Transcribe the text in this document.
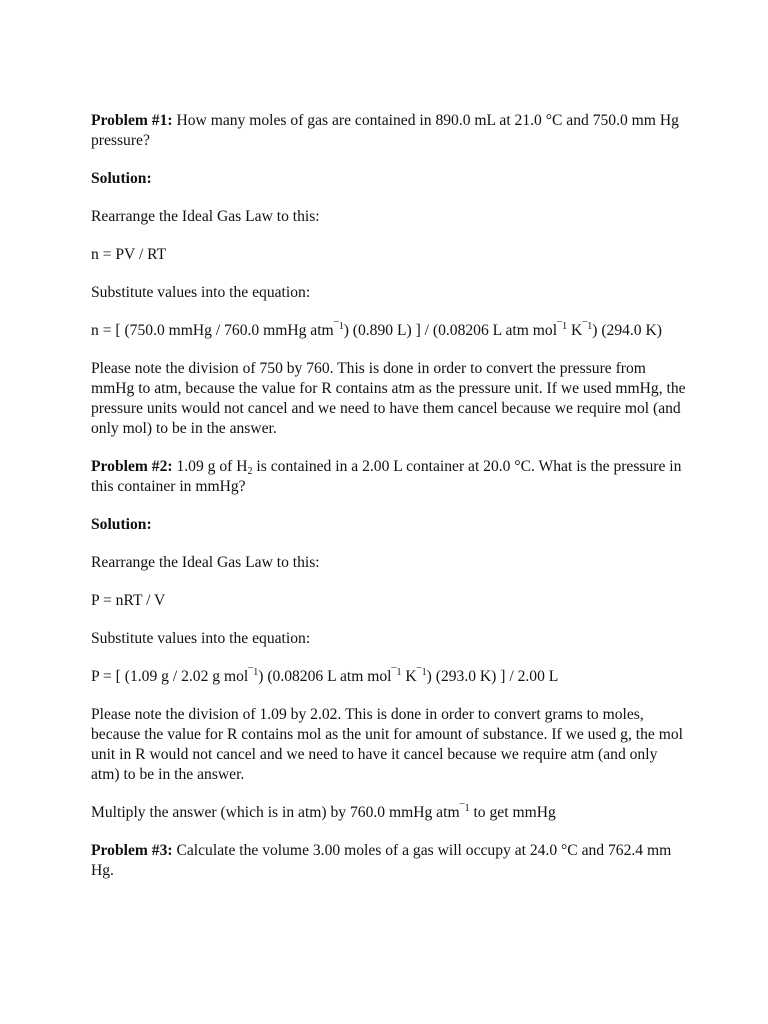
Problem #1: How many moles of gas are contained in 890.0 mL at 21.0 °C and 750.0 mm Hg pressure?

Solution:

Rearrange the Ideal Gas Law to this:

n = PV / RT

Substitute values into the equation:

n = [ (750.0 mmHg / 760.0 mmHg atm$^{¯1}$) (0.890 L) ] / (0.08206 L atm mol$^{¯1}$ $K^{¯1}$) (294.0 K)

Please note the division of 750 by 760. This is done in order to convert the pressure from mmHg to atm, because the value for R contains atm as the pressure unit. If we used mmHg, the pressure units would not cancel and we need to have them cancel because we require mol (and only mol) to be in the answer.

Problem #2: 1.09 g of $H_2$ is contained in a 2.00 L container at 20.0 °C. What is the pressure in this container in mmHg?

Solution:

Rearrange the Ideal Gas Law to this:

P = nRT / V

Substitute values into the equation:

P = [ (1.09 g / 2.02 g mol$^{¯1}$) (0.08206 L atm mol$^{¯1}$ $K^{¯1}$) (293.0 K) ] / 2.00 L

Please note the division of 1.09 by 2.02. This is done in order to convert grams to moles, because the value for R contains mol as the unit for amount of substance. If we used g, the mol unit in R would not cancel and we need to have it cancel because we require atm (and only atm) to be in the answer.

Multiply the answer (which is in atm) by 760.0 mmHg atm$^{¯1}$ to get mmHg

Problem #3: Calculate the volume 3.00 moles of a gas will occupy at 24.0 °C and 762.4 mm Hg.
